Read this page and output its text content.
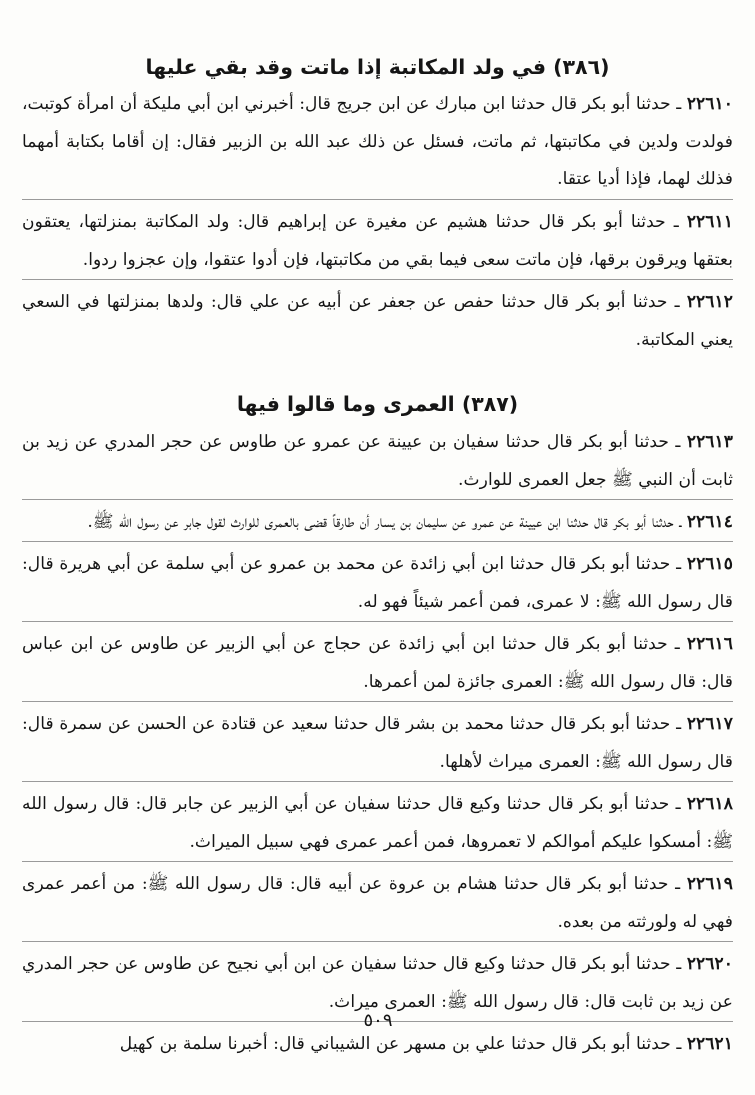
(٣٨٦) في ولد المكاتبة إذا ماتت وقد بقي عليها

٢٢٦١٠ ـ حدثنا أبو بكر قال حدثنا ابن مبارك عن ابن جريج قال: أخبرني ابن أبي مليكة أن امرأة كوتبت، فولدت ولدين في مكاتبتها، ثم ماتت، فسئل عن ذلك عبد الله بن الزبير فقال: إن أقاما بكتابة أمهما فذلك لهما، فإذا أديا عتقا.

٢٢٦١١ ـ حدثنا أبو بكر قال حدثنا هشيم عن مغيرة عن إبراهيم قال: ولد المكاتبة بمنزلتها، يعتقون بعتقها ويرقون برقها، فإن ماتت سعى فيما بقي من مكاتبتها، فإن أدوا عتقوا، وإن عجزوا ردوا.

٢٢٦١٢ ـ حدثنا أبو بكر قال حدثنا حفص عن جعفر عن أبيه عن علي قال: ولدها بمنزلتها في السعي يعني المكاتبة.

(٣٨٧) العمرى وما قالوا فيها

٢٢٦١٣ ـ حدثنا أبو بكر قال حدثنا سفيان بن عيينة عن عمرو عن طاوس عن حجر المدري عن زيد بن ثابت أن النبي ﷺ جعل العمرى للوارث.

٢٢٦١٤ ـ حدثنا أبو بكر قال حدثنا ابن عيينة عن عمرو عن سليمان بن يسار أن طارقاً قضى بالعمرى للوارث لقول جابر عن رسول الله ﷺ.

٢٢٦١٥ ـ حدثنا أبو بكر قال حدثنا ابن أبي زائدة عن محمد بن عمرو عن أبي سلمة عن أبي هريرة قال: قال رسول الله ﷺ: لا عمرى، فمن أعمر شيئاً فهو له.

٢٢٦١٦ ـ حدثنا أبو بكر قال حدثنا ابن أبي زائدة عن حجاج عن أبي الزبير عن طاوس عن ابن عباس قال: قال رسول الله ﷺ: العمرى جائزة لمن أعمرها.

٢٢٦١٧ ـ حدثنا أبو بكر قال حدثنا محمد بن بشر قال حدثنا سعيد عن قتادة عن الحسن عن سمرة قال: قال رسول الله ﷺ: العمرى ميراث لأهلها.

٢٢٦١٨ ـ حدثنا أبو بكر قال حدثنا وكيع قال حدثنا سفيان عن أبي الزبير عن جابر قال: قال رسول الله ﷺ: أمسكوا عليكم أموالكم لا تعمروها، فمن أعمر عمرى فهي سبيل الميراث.

٢٢٦١٩ ـ حدثنا أبو بكر قال حدثنا هشام بن عروة عن أبيه قال: قال رسول الله ﷺ: من أعمر عمرى فهي له ولورثته من بعده.

٢٢٦٢٠ ـ حدثنا أبو بكر قال حدثنا وكيع قال حدثنا سفيان عن ابن أبي نجيح عن طاوس عن حجر المدري عن زيد بن ثابت قال: قال رسول الله ﷺ: العمرى ميراث.

٢٢٦٢١ ـ حدثنا أبو بكر قال حدثنا علي بن مسهر عن الشيباني قال: أخبرنا سلمة بن كهيل

٥٠٩
